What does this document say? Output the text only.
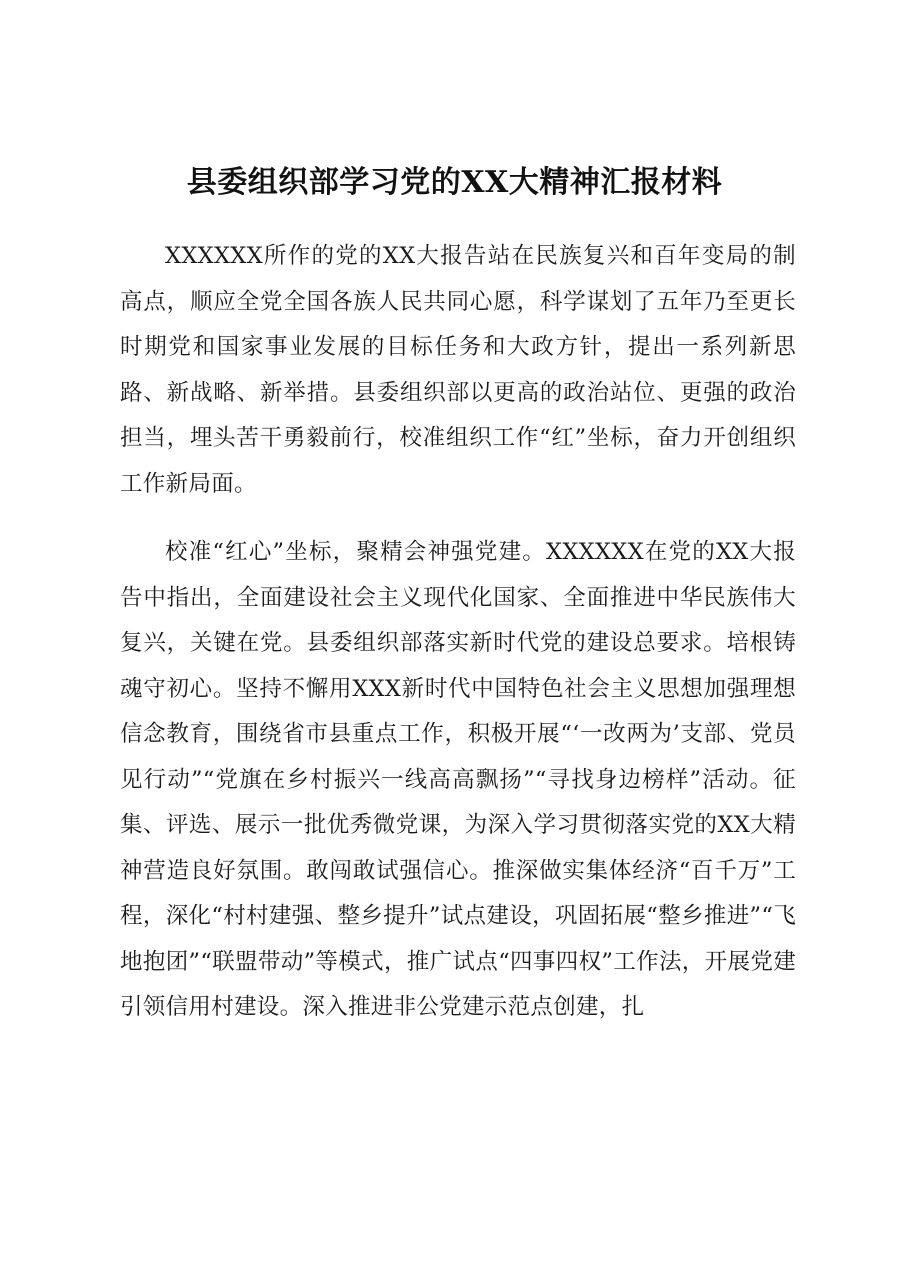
县委组织部学习党的XX大精神汇报材料

XXXXXX所作的党的XX大报告站在民族复兴和百年变局的制高点，顺应全党全国各族人民共同心愿，科学谋划了五年乃至更长时期党和国家事业发展的目标任务和大政方针，提出一系列新思路、新战略、新举措。县委组织部以更高的政治站位、更强的政治担当，埋头苦干勇毅前行，校准组织工作“红”坐标，奋力开创组织工作新局面。

校准“红心”坐标，聚精会神强党建。XXXXXX在党的XX大报告中指出，全面建设社会主义现代化国家、全面推进中华民族伟大复兴，关键在党。县委组织部落实新时代党的建设总要求。培根铸魂守初心。坚持不懈用XXX新时代中国特色社会主义思想加强理想信念教育，围绕省市县重点工作，积极开展“‘一改两为’支部、党员见行动”“党旗在乡村振兴一线高高飘扬”“寻找身边榜样”活动。征集、评选、展示一批优秀微党课，为深入学习贯彻落实党的XX大精神营造良好氛围。敢闯敢试强信心。推深做实集体经济“百千万”工程，深化“村村建强、整乡提升”试点建设，巩固拓展“整乡推进”“飞地抱团”“联盟带动”等模式，推广试点“四事四权”工作法，开展党建引领信用村建设。深入推进非公党建示范点创建，扎
